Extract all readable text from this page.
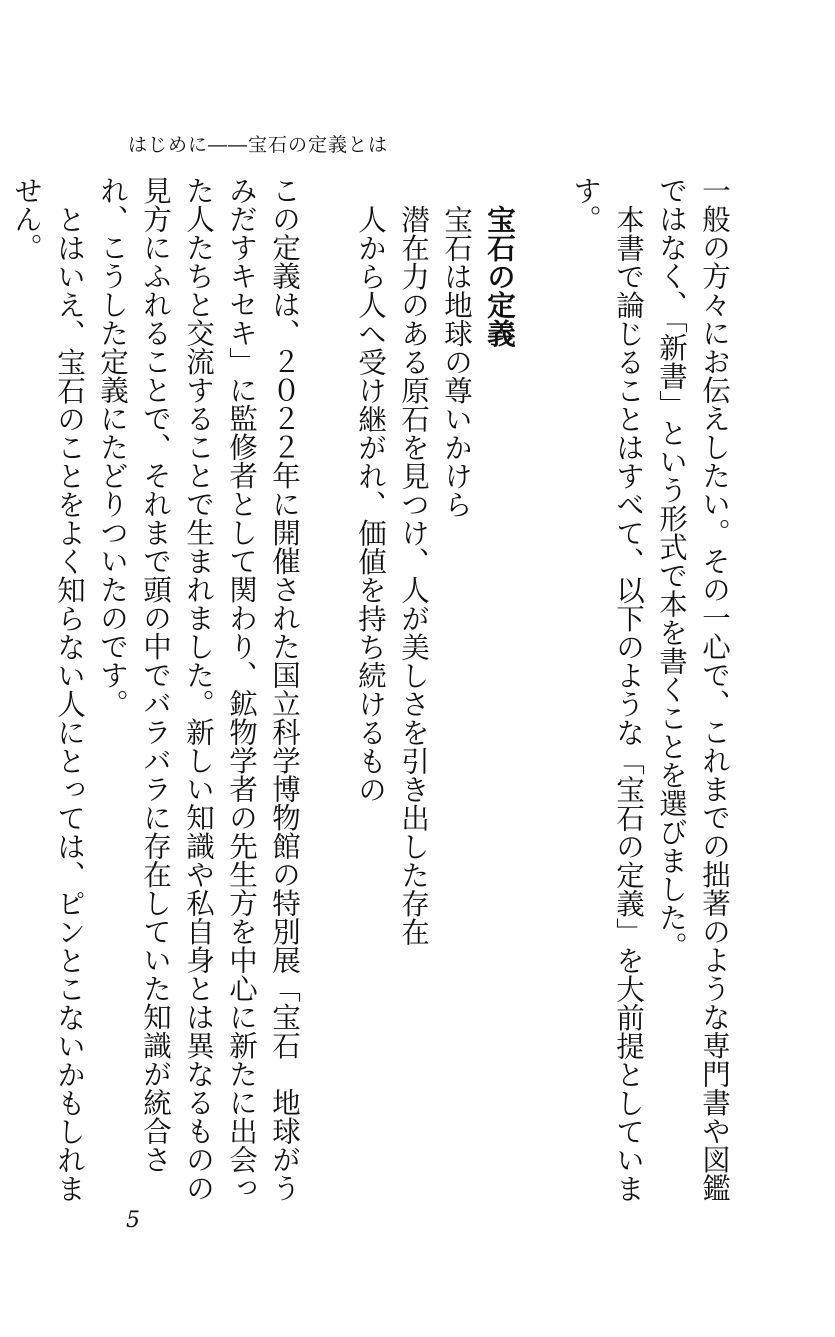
はじめに――宝石の定義とは

一般の方々にお伝えしたい。その一心で、これまでの拙著のような専門書や図鑑ではなく、「新書」という形式で本を書くことを選びました。

本書で論じることはすべて、以下のような「宝石の定義」を大前提としています。

宝石の定義

宝石は地球の尊いかけら

潜在力のある原石を見つけ、人が美しさを引き出した存在

人から人へ受け継がれ、価値を持ち続けるもの

この定義は、２０２２年に開催された国立科学博物館の特別展「宝石　地球がうみだすキセキ」に監修者として関わり、鉱物学者の先生方を中心に新たに出会った人たちと交流することで生まれました。新しい知識や私自身とは異なるものの見方にふれることで、それまで頭の中でバラバラに存在していた知識が統合され、こうした定義にたどりついたのです。

とはいえ、宝石のことをよく知らない人にとっては、ピンとこないかもしれません。

5
